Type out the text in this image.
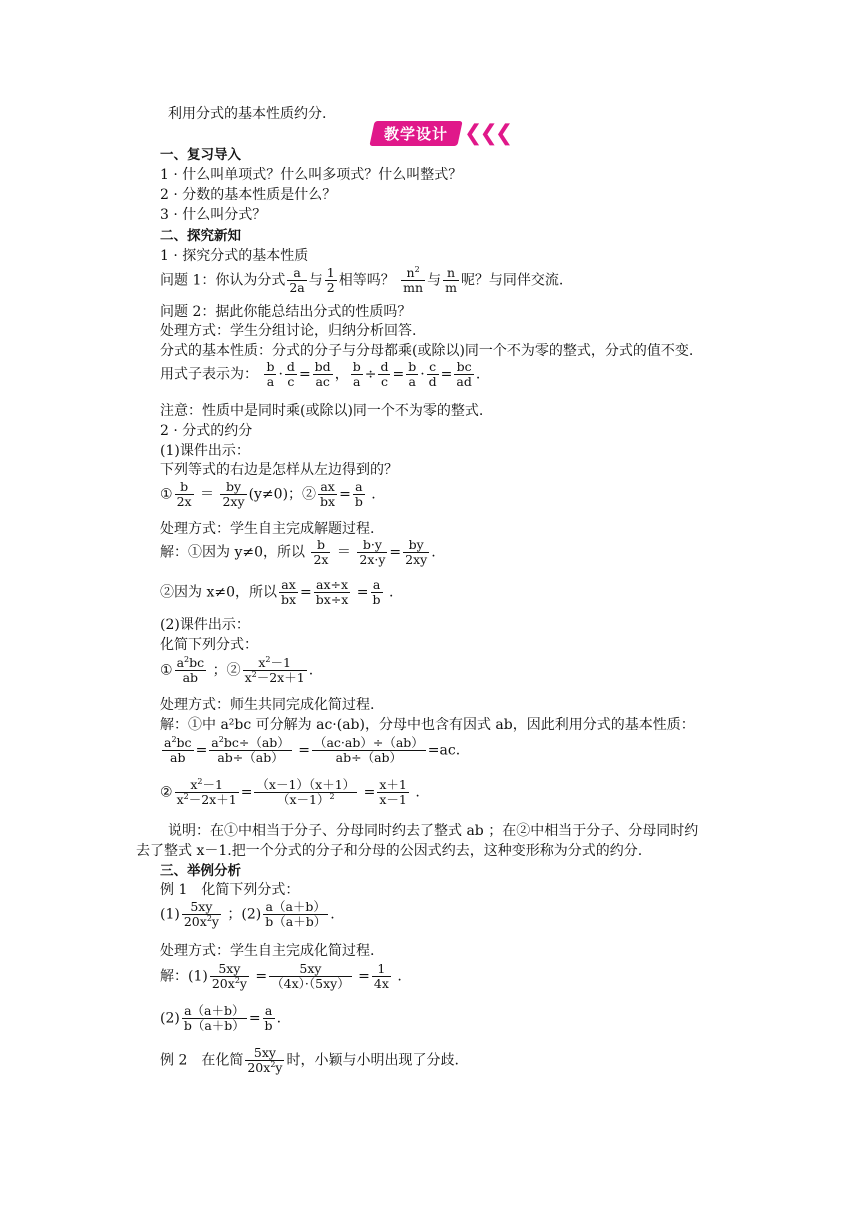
利用分式的基本性质约分.
教学设计 ❮❮❮
一、复习导入
1 · 什么叫单项式？什么叫多项式？什么叫整式？
2 · 分数的基本性质是什么？
3 · 什么叫分式？
二、探究新知
1 · 探究分式的基本性质
问题 1：你认为分式 $\frac{a}{2a}$ 与 $\frac{1}{2}$ 相等吗？ $\frac{n^2}{mn}$ 与 $\frac{n}{m}$ 呢？与同伴交流.
问题 2：据此你能总结出分式的性质吗？
处理方式：学生分组讨论，归纳分析回答.
分式的基本性质：分式的分子与分母都乘(或除以)同一个不为零的整式，分式的值不变.
用式子表示为： $\frac{b}{a} \cdot \frac{d}{c} = \frac{bd}{ac}$ ， $\frac{b}{a} \div \frac{d}{c} = \frac{b}{a} \cdot \frac{c}{d} = \frac{bc}{ad}$ .
注意：性质中是同时乘(或除以)同一个不为零的整式.
2 · 分式的约分
(1)课件出示：
下列等式的右边是怎样从左边得到的？
① $\frac{b}{2x} = \frac{by}{2xy} (y\ne 0)$；② $\frac{ax}{bx} = \frac{a}{b}$ .
处理方式：学生自主完成解题过程.
解：①因为 y≠0，所以 $\frac{b}{2x} = \frac{b\cdot y}{2x\cdot y} = \frac{by}{2xy}$ .
②因为 x≠0，所以 $\frac{ax}{bx} = \frac{ax\div x}{bx\div x} = \frac{a}{b}$ .
(2)课件出示：
化简下列分式：
① $\frac{a^2bc}{ab}$ ；② $\frac{x^2-1}{x^2-2x+1}$ .
处理方式：师生共同完成化简过程.
解：①中 a²bc 可分解为 ac·(ab)，分母中也含有因式 ab，因此利用分式的基本性质：
$\frac{a^2bc}{ab} = \frac{a^2bc\div(ab)}{ab\div(ab)} = \frac{(ac\cdot ab)\div(ab)}{ab\div(ab)} =ac$.
② $\frac{x^2-1}{x^2-2x+1} = \frac{(x-1)(x+1)}{(x-1)^2} = \frac{x+1}{x-1}$ .
说明：在①中相当于分子、分母同时约去了整式 ab ；在②中相当于分子、分母同时约
去了整式 x－1.把一个分式的分子和分母的公因式约去，这种变形称为分式的约分.
三、举例分析
例 1　化简下列分式：
$(1) \frac{5xy}{20x^2y}$ ；$(2) \frac{a(a+b)}{b(a+b)}$ .
处理方式：学生自主完成化简过程.
解：$(1) \frac{5xy}{20x^2y} = \frac{5xy}{(4x)\cdot(5xy)} = \frac{1}{4x}$ .
$(2) \frac{a(a+b)}{b(a+b)} = \frac{a}{b}$ .
例 2　在化简 $\frac{5xy}{20x^2y}$ 时，小颖与小明出现了分歧.
